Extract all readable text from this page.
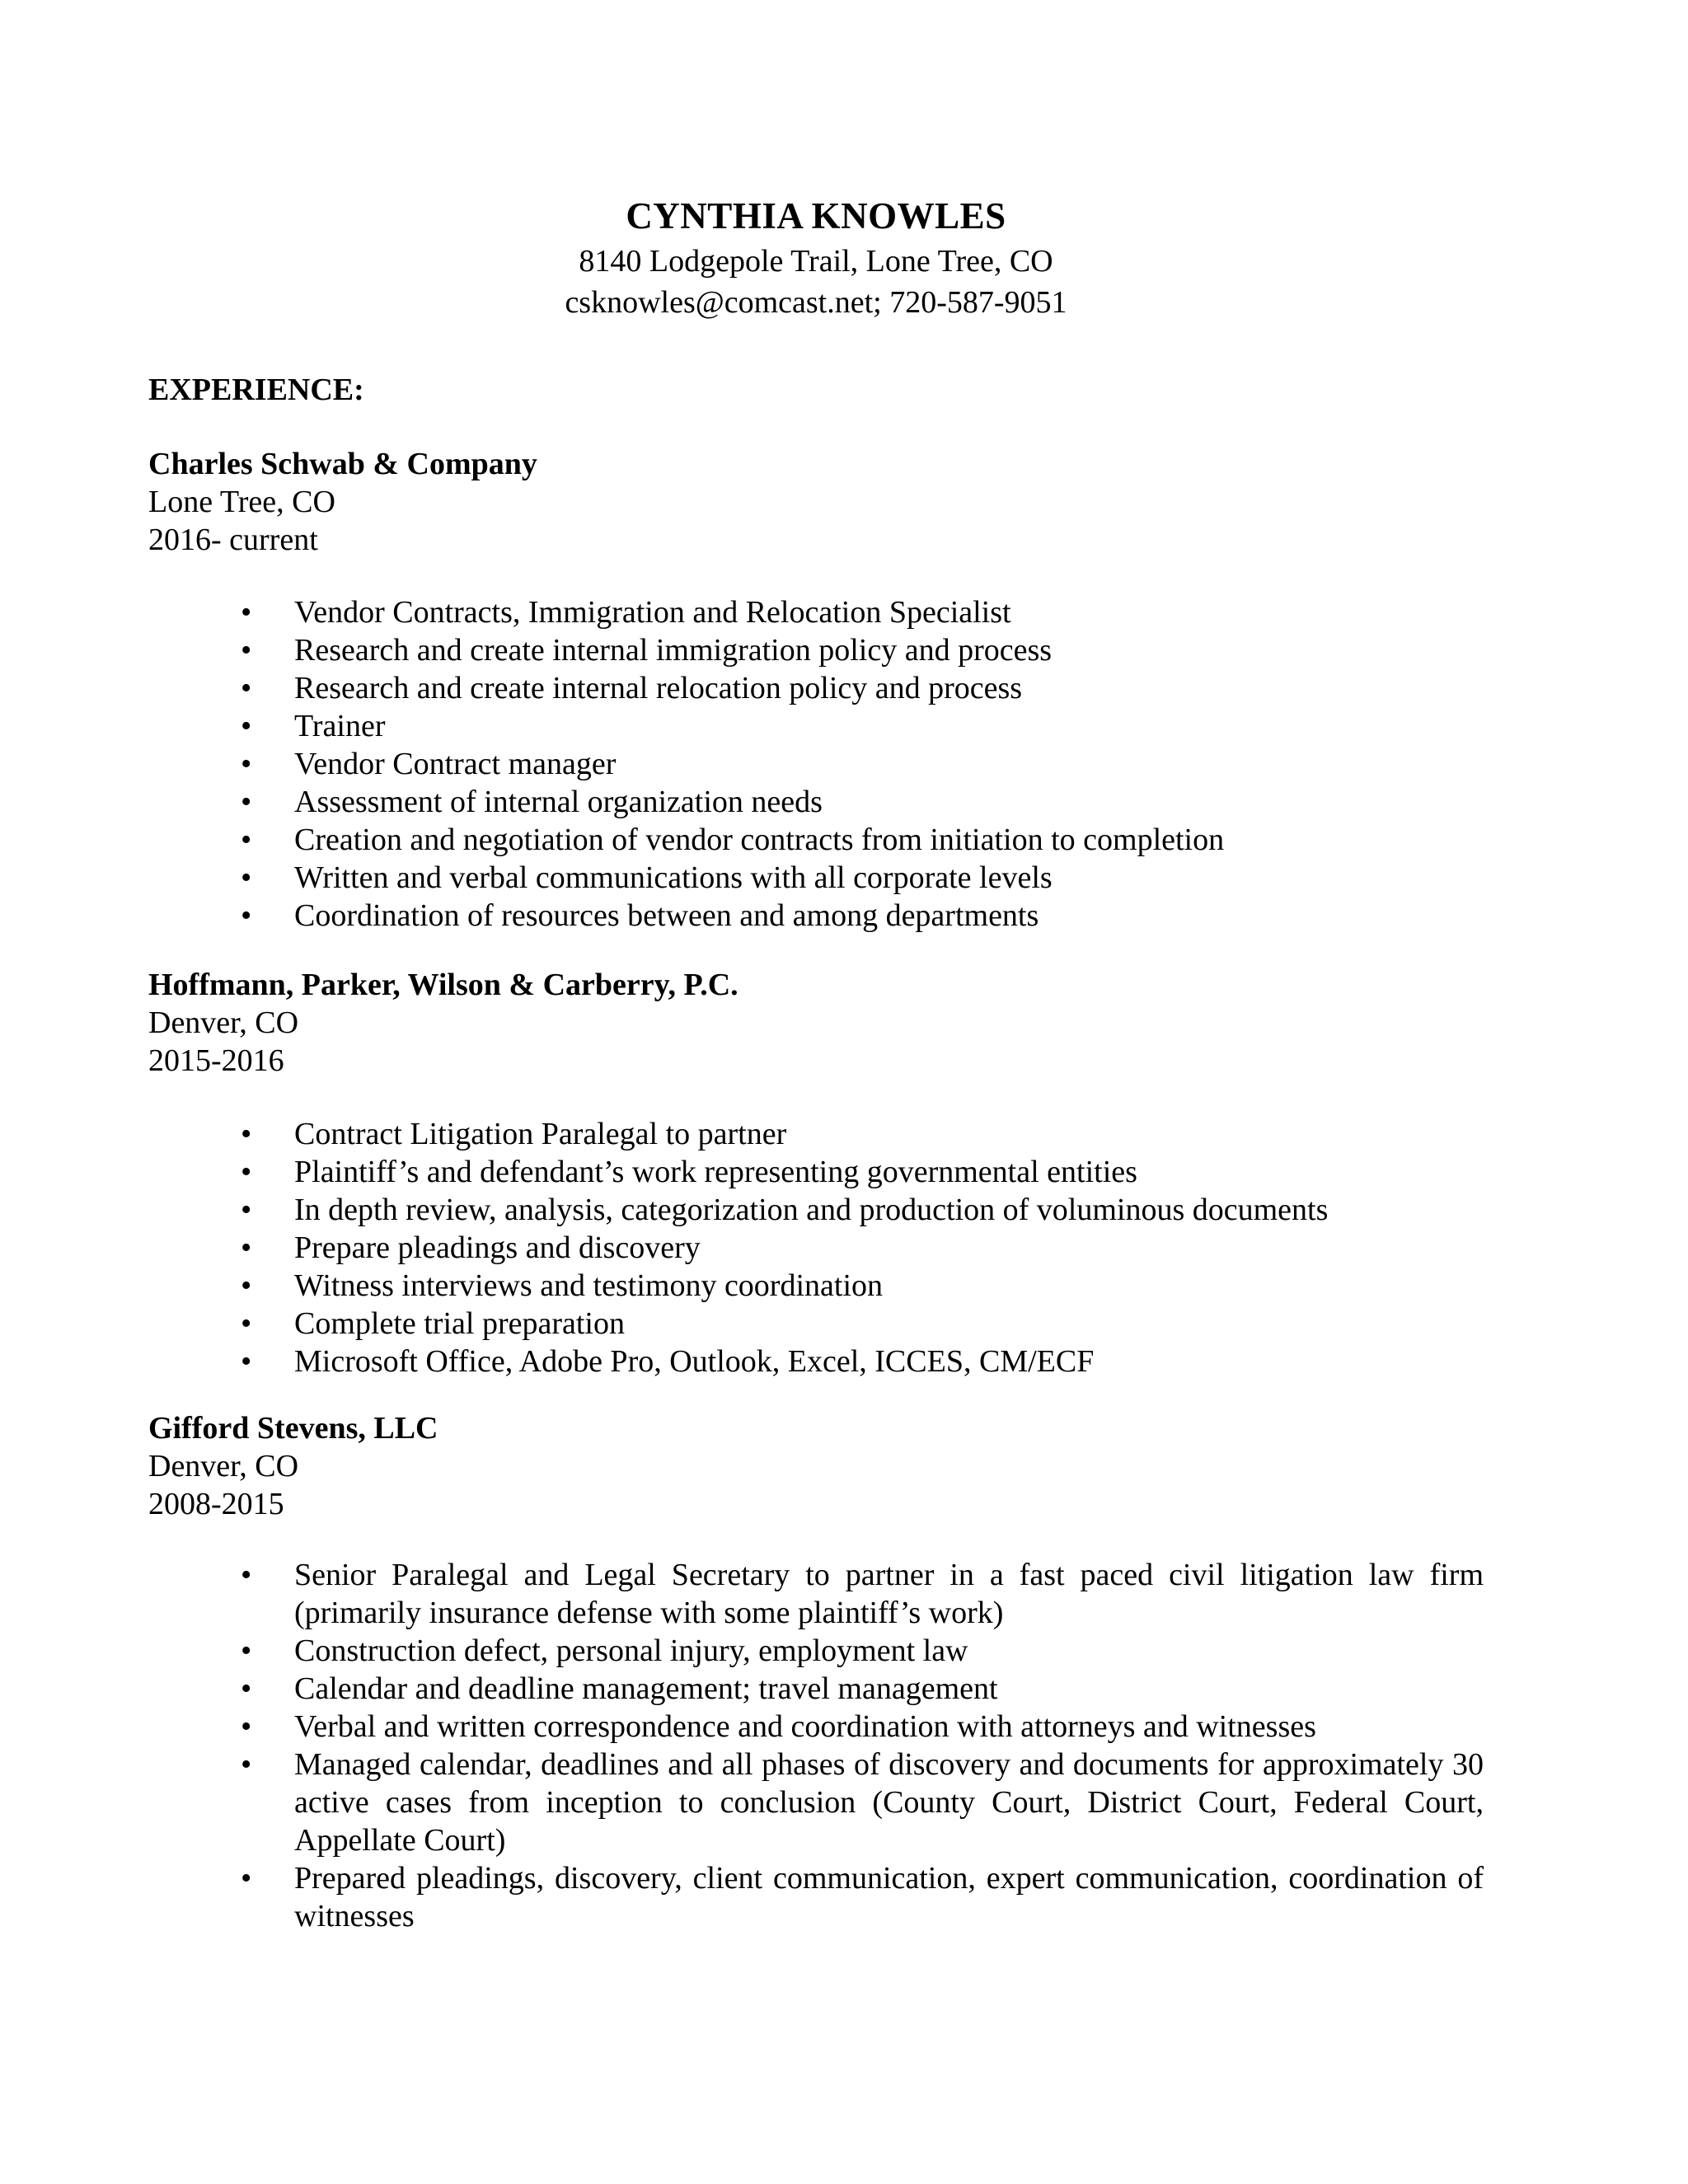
CYNTHIA KNOWLES
8140 Lodgepole Trail, Lone Tree, CO
csknowles@comcast.net; 720-587-9051
EXPERIENCE:
Charles Schwab & Company
Lone Tree, CO
2016- current
• Vendor Contracts, Immigration and Relocation Specialist
• Research and create internal immigration policy and process
• Research and create internal relocation policy and process
• Trainer
• Vendor Contract manager
• Assessment of internal organization needs
• Creation and negotiation of vendor contracts from initiation to completion
• Written and verbal communications with all corporate levels
• Coordination of resources between and among departments
Hoffmann, Parker, Wilson & Carberry, P.C.
Denver, CO
2015-2016
• Contract Litigation Paralegal to partner
• Plaintiff’s and defendant’s work representing governmental entities
• In depth review, analysis, categorization and production of voluminous documents
• Prepare pleadings and discovery
• Witness interviews and testimony coordination
• Complete trial preparation
• Microsoft Office, Adobe Pro, Outlook, Excel, ICCES, CM/ECF
Gifford Stevens, LLC
Denver, CO
2008-2015
• Senior Paralegal and Legal Secretary to partner in a fast paced civil litigation law firm (primarily insurance defense with some plaintiff’s work)
• Construction defect, personal injury, employment law
• Calendar and deadline management; travel management
• Verbal and written correspondence and coordination with attorneys and witnesses
• Managed calendar, deadlines and all phases of discovery and documents for approximately 30 active cases from inception to conclusion (County Court, District Court, Federal Court, Appellate Court)
• Prepared pleadings, discovery, client communication, expert communication, coordination of witnesses
